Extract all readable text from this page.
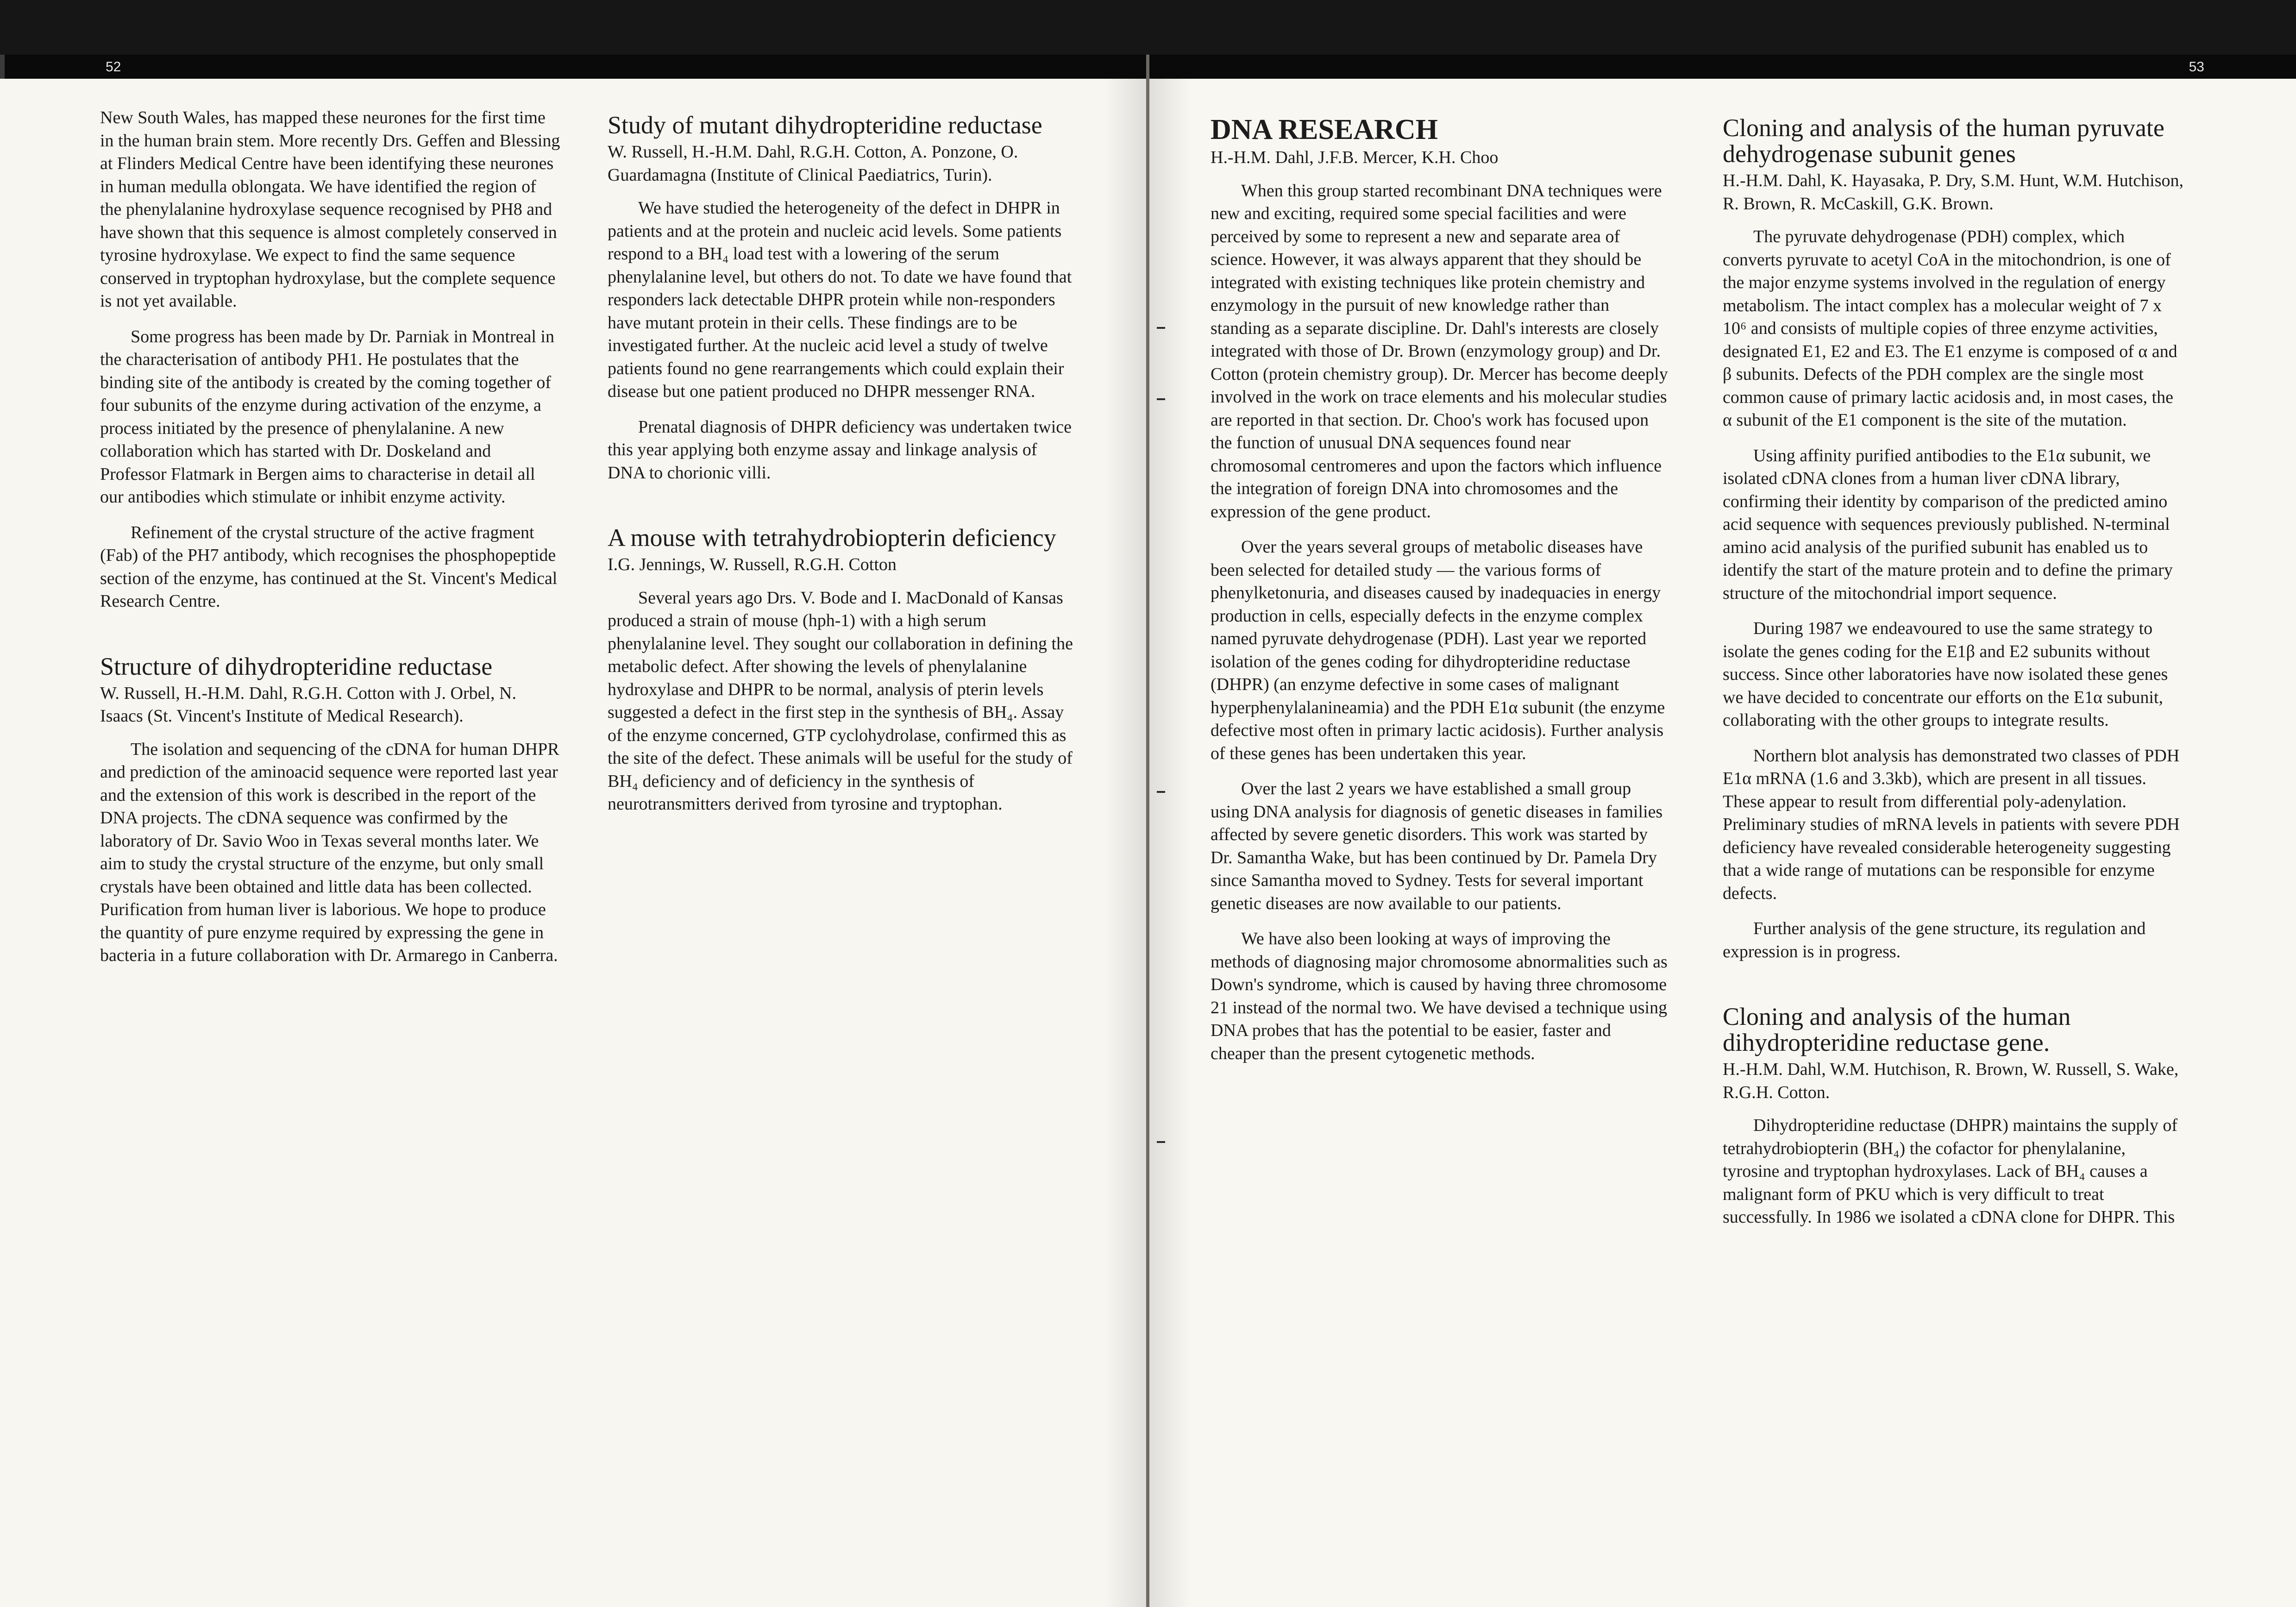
52	53

New South Wales, has mapped these neurones for the first time in the human brain stem. More recently Drs. Geffen and Blessing at Flinders Medical Centre have been identifying these neurones in human medulla oblongata. We have identified the region of the phenylalanine hydroxylase sequence recognised by PH8 and have shown that this sequence is almost completely conserved in tyrosine hydroxylase. We expect to find the same sequence conserved in tryptophan hydroxylase, but the complete sequence is not yet available.

Some progress has been made by Dr. Parniak in Montreal in the characterisation of antibody PH1. He postulates that the binding site of the antibody is created by the coming together of four subunits of the enzyme during activation of the enzyme, a process initiated by the presence of phenylalanine. A new collaboration which has started with Dr. Doskeland and Professor Flatmark in Bergen aims to characterise in detail all our antibodies which stimulate or inhibit enzyme activity.

Refinement of the crystal structure of the active fragment (Fab) of the PH7 antibody, which recognises the phosphopeptide section of the enzyme, has continued at the St. Vincent's Medical Research Centre.

Structure of dihydropteridine reductase
W. Russell, H.-H.M. Dahl, R.G.H. Cotton with J. Orbel, N. Isaacs (St. Vincent's Institute of Medical Research).

The isolation and sequencing of the cDNA for human DHPR and prediction of the aminoacid sequence were reported last year and the extension of this work is described in the report of the DNA projects. The cDNA sequence was confirmed by the laboratory of Dr. Savio Woo in Texas several months later. We aim to study the crystal structure of the enzyme, but only small crystals have been obtained and little data has been collected. Purification from human liver is laborious. We hope to produce the quantity of pure enzyme required by expressing the gene in bacteria in a future collaboration with Dr. Armarego in Canberra.

Study of mutant dihydropteridine reductase
W. Russell, H.-H.M. Dahl, R.G.H. Cotton, A. Ponzone, O. Guardamagna (Institute of Clinical Paediatrics, Turin).

We have studied the heterogeneity of the defect in DHPR in patients and at the protein and nucleic acid levels. Some patients respond to a BH₄ load test with a lowering of the serum phenylalanine level, but others do not. To date we have found that responders lack detectable DHPR protein while non-responders have mutant protein in their cells. These findings are to be investigated further. At the nucleic acid level a study of twelve patients found no gene rearrangements which could explain their disease but one patient produced no DHPR messenger RNA.

Prenatal diagnosis of DHPR deficiency was undertaken twice this year applying both enzyme assay and linkage analysis of DNA to chorionic villi.

A mouse with tetrahydrobiopterin deficiency
I.G. Jennings, W. Russell, R.G.H. Cotton

Several years ago Drs. V. Bode and I. MacDonald of Kansas produced a strain of mouse (hph-1) with a high serum phenylalanine level. They sought our collaboration in defining the metabolic defect. After showing the levels of phenylalanine hydroxylase and DHPR to be normal, analysis of pterin levels suggested a defect in the first step in the synthesis of BH₄. Assay of the enzyme concerned, GTP cyclohydrolase, confirmed this as the site of the defect. These animals will be useful for the study of BH₄ deficiency and of deficiency in the synthesis of neurotransmitters derived from tyrosine and tryptophan.

DNA RESEARCH
H.-H.M. Dahl, J.F.B. Mercer, K.H. Choo

When this group started recombinant DNA techniques were new and exciting, required some special facilities and were perceived by some to represent a new and separate area of science. However, it was always apparent that they should be integrated with existing techniques like protein chemistry and enzymology in the pursuit of new knowledge rather than standing as a separate discipline. Dr. Dahl's interests are closely integrated with those of Dr. Brown (enzymology group) and Dr. Cotton (protein chemistry group). Dr. Mercer has become deeply involved in the work on trace elements and his molecular studies are reported in that section. Dr. Choo's work has focused upon the function of unusual DNA sequences found near chromosomal centromeres and upon the factors which influence the integration of foreign DNA into chromosomes and the expression of the gene product.

Over the years several groups of metabolic diseases have been selected for detailed study — the various forms of phenylketonuria, and diseases caused by inadequacies in energy production in cells, especially defects in the enzyme complex named pyruvate dehydrogenase (PDH). Last year we reported isolation of the genes coding for dihydropteridine reductase (DHPR) (an enzyme defective in some cases of malignant hyperphenylalanineamia) and the PDH E1α subunit (the enzyme defective most often in primary lactic acidosis). Further analysis of these genes has been undertaken this year.

Over the last 2 years we have established a small group using DNA analysis for diagnosis of genetic diseases in families affected by severe genetic disorders. This work was started by Dr. Samantha Wake, but has been continued by Dr. Pamela Dry since Samantha moved to Sydney. Tests for several important genetic diseases are now available to our patients.

We have also been looking at ways of improving the methods of diagnosing major chromosome abnormalities such as Down's syndrome, which is caused by having three chromosome 21 instead of the normal two. We have devised a technique using DNA probes that has the potential to be easier, faster and cheaper than the present cytogenetic methods.

Cloning and analysis of the human pyruvate dehydrogenase subunit genes
H.-H.M. Dahl, K. Hayasaka, P. Dry, S.M. Hunt, W.M. Hutchison, R. Brown, R. McCaskill, G.K. Brown.

The pyruvate dehydrogenase (PDH) complex, which converts pyruvate to acetyl CoA in the mitochondrion, is one of the major enzyme systems involved in the regulation of energy metabolism. The intact complex has a molecular weight of 7 x 10⁶ and consists of multiple copies of three enzyme activities, designated E1, E2 and E3. The E1 enzyme is composed of α and β subunits. Defects of the PDH complex are the single most common cause of primary lactic acidosis and, in most cases, the α subunit of the E1 component is the site of the mutation.

Using affinity purified antibodies to the E1α subunit, we isolated cDNA clones from a human liver cDNA library, confirming their identity by comparison of the predicted amino acid sequence with sequences previously published. N-terminal amino acid analysis of the purified subunit has enabled us to identify the start of the mature protein and to define the primary structure of the mitochondrial import sequence.

During 1987 we endeavoured to use the same strategy to isolate the genes coding for the E1β and E2 subunits without success. Since other laboratories have now isolated these genes we have decided to concentrate our efforts on the E1α subunit, collaborating with the other groups to integrate results.

Northern blot analysis has demonstrated two classes of PDH E1α mRNA (1.6 and 3.3kb), which are present in all tissues. These appear to result from differential poly-adenylation. Preliminary studies of mRNA levels in patients with severe PDH deficiency have revealed considerable heterogeneity suggesting that a wide range of mutations can be responsible for enzyme defects.

Further analysis of the gene structure, its regulation and expression is in progress.

Cloning and analysis of the human dihydropteridine reductase gene.
H.-H.M. Dahl, W.M. Hutchison, R. Brown, W. Russell, S. Wake, R.G.H. Cotton.

Dihydropteridine reductase (DHPR) maintains the supply of tetrahydrobiopterin (BH₄) the cofactor for phenylalanine, tyrosine and tryptophan hydroxylases. Lack of BH₄ causes a malignant form of PKU which is very difficult to treat successfully. In 1986 we isolated a cDNA clone for DHPR. This
